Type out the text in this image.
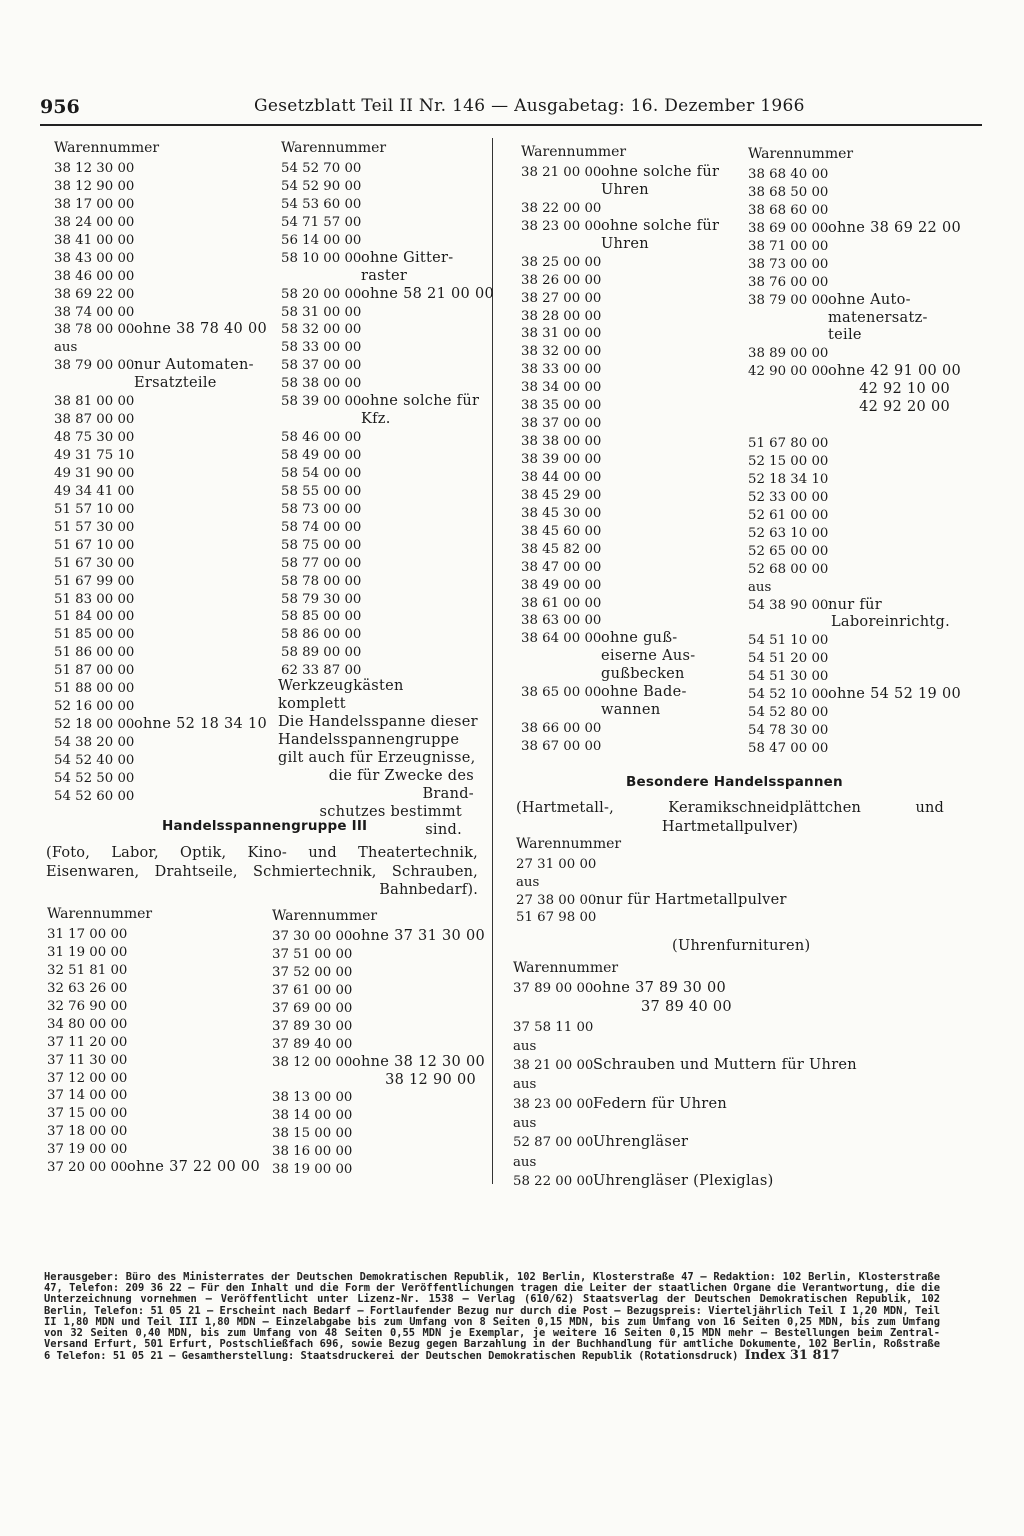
956	Gesetzblatt Teil II Nr. 146 — Ausgabetag: 16. Dezember 1966
Warennummer
38 12 30 00
38 12 90 00
38 17 00 00
38 24 00 00
38 41 00 00
38 43 00 00
38 46 00 00
38 69 22 00
38 74 00 00
38 78 00 00 ohne 38 78 40 00
aus
38 79 00 00 nur Automaten-
Ersatzteile
38 81 00 00
38 87 00 00
48 75 30 00
49 31 75 10
49 31 90 00
49 34 41 00
51 57 10 00
51 57 30 00
51 67 10 00
51 67 30 00
51 67 99 00
51 83 00 00
51 84 00 00
51 85 00 00
51 86 00 00
51 87 00 00
51 88 00 00
52 16 00 00
52 18 00 00 ohne 52 18 34 10
54 38 20 00
54 52 40 00
54 52 50 00
54 52 60 00
Warennummer
54 52 70 00
54 52 90 00
54 53 60 00
54 71 57 00
56 14 00 00
58 10 00 00 ohne Gitter-
raster
58 20 00 00 ohne 58 21 00 00
58 31 00 00
58 32 00 00
58 33 00 00
58 37 00 00
58 38 00 00
58 39 00 00 ohne solche für
Kfz.
58 46 00 00
58 49 00 00
58 54 00 00
58 55 00 00
58 73 00 00
58 74 00 00
58 75 00 00
58 77 00 00
58 78 00 00
58 79 30 00
58 85 00 00
58 86 00 00
58 89 00 00
62 33 87 00
Werkzeugkästen
komplett
Die Handelsspanne dieser
Handelsspannengruppe
gilt auch für Erzeugnisse,
die für Zwecke des Brand-
schutzes bestimmt sind.
Handelsspannengruppe III
(Foto, Labor, Optik, Kino- und Theatertechnik, Eisenwaren, Drahtseile, Schmiertechnik, Schrauben, Bahnbedarf).
Warennummer
31 17 00 00
31 19 00 00
32 51 81 00
32 63 26 00
32 76 90 00
34 80 00 00
37 11 20 00
37 11 30 00
37 12 00 00
37 14 00 00
37 15 00 00
37 18 00 00
37 19 00 00
37 20 00 00 ohne 37 22 00 00
Warennummer
37 30 00 00 ohne 37 31 30 00
37 51 00 00
37 52 00 00
37 61 00 00
37 69 00 00
37 89 30 00
37 89 40 00
38 12 00 00 ohne 38 12 30 00
38 12 90 00
38 13 00 00
38 14 00 00
38 15 00 00
38 16 00 00
38 19 00 00
Warennummer
38 21 00 00 ohne solche für
Uhren
38 22 00 00
38 23 00 00 ohne solche für
Uhren
38 25 00 00
38 26 00 00
38 27 00 00
38 28 00 00
38 31 00 00
38 32 00 00
38 33 00 00
38 34 00 00
38 35 00 00
38 37 00 00
38 38 00 00
38 39 00 00
38 44 00 00
38 45 29 00
38 45 30 00
38 45 60 00
38 45 82 00
38 47 00 00
38 49 00 00
38 61 00 00
38 63 00 00
38 64 00 00 ohne guß-
eiserne Aus-
gußbecken
38 65 00 00 ohne Bade-
wannen
38 66 00 00
38 67 00 00
Warennummer
38 68 40 00
38 68 50 00
38 68 60 00
38 69 00 00 ohne 38 69 22 00
38 71 00 00
38 73 00 00
38 76 00 00
38 79 00 00 ohne Auto-
matenersatz-
teile
38 89 00 00
42 90 00 00 ohne 42 91 00 00
42 92 10 00
42 92 20 00
51 67 80 00
52 15 00 00
52 18 34 10
52 33 00 00
52 61 00 00
52 63 10 00
52 65 00 00
52 68 00 00
aus
54 38 90 00 nur für
Laboreinrichtg.
54 51 10 00
54 51 20 00
54 51 30 00
54 52 10 00 ohne 54 52 19 00
54 52 80 00
54 78 30 00
58 47 00 00
Besondere Handelsspannen
(Hartmetall-, Keramikschneidplättchen und Hartmetallpulver)
Warennummer
27 31 00 00
aus
27 38 00 00 nur für Hartmetallpulver
51 67 98 00
(Uhrenfurnituren)
Warennummer
37 89 00 00 ohne 37 89 30 00
37 89 40 00
37 58 11 00
aus
38 21 00 00 Schrauben und Muttern für Uhren
aus
38 23 00 00 Federn für Uhren
aus
52 87 00 00 Uhrengläser
aus
58 22 00 00 Uhrengläser (Plexiglas)
Herausgeber: Büro des Ministerrates der Deutschen Demokratischen Republik, 102 Berlin, Klosterstraße 47 — Redaktion: 102 Berlin, Klosterstraße 47, Telefon: 209 36 22 — Für den Inhalt und die Form der Veröffentlichungen tragen die Leiter der staatlichen Organe die Verantwortung, die die Unterzeichnung vornehmen — Veröffentlicht unter Lizenz-Nr. 1538 — Verlag (610/62) Staatsverlag der Deutschen Demokratischen Republik, 102 Berlin, Telefon: 51 05 21 — Erscheint nach Bedarf — Fortlaufender Bezug nur durch die Post — Bezugspreis: Vierteljährlich Teil I 1,20 MDN, Teil II 1,80 MDN und Teil III 1,80 MDN — Einzelabgabe bis zum Umfang von 8 Seiten 0,15 MDN, bis zum Umfang von 16 Seiten 0,25 MDN, bis zum Umfang von 32 Seiten 0,40 MDN, bis zum Umfang von 48 Seiten 0,55 MDN je Exemplar, je weitere 16 Seiten 0,15 MDN mehr — Bestellungen beim Zentral-Versand Erfurt, 501 Erfurt, Postschließfach 696, sowie Bezug gegen Barzahlung in der Buchhandlung für amtliche Dokumente, 102 Berlin, Roßstraße 6 Telefon: 51 05 21 — Gesamtherstellung: Staatsdruckerei der Deutschen Demokratischen Republik (Rotationsdruck) Index 31 817
